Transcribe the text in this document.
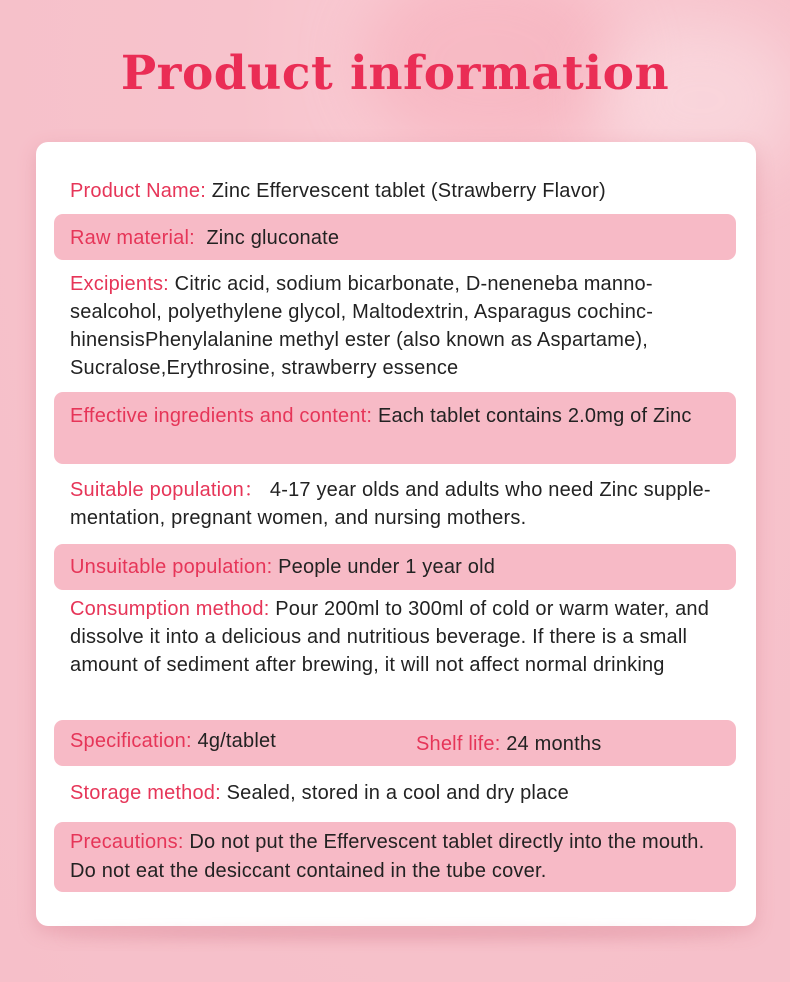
Product information
Product Name: Zinc Effervescent tablet (Strawberry Flavor)
Raw material:  Zinc gluconate
Excipients: Citric acid, sodium bicarbonate, D-neneneba manno-sealcohol, polyethylene glycol, Maltodextrin, Asparagus cochinc-hinensisPhenylalanine methyl ester (also known as Aspartame), Sucralose,Erythrosine, strawberry essence
Effective ingredients and content: Each tablet contains 2.0mg of Zinc
Suitable population： 4-17 year olds and adults who need Zinc supple-mentation, pregnant women, and nursing mothers.
Unsuitable population: People under 1 year old
Consumption method: Pour 200ml to 300ml of cold or warm water, and dissolve it into a delicious and nutritious beverage. If there is a small amount of sediment after brewing, it will not affect normal drinking
Specification: 4g/tablet	Shelf life: 24 months
Storage method: Sealed, stored in a cool and dry place
Precautions: Do not put the Effervescent tablet directly into the mouth. Do not eat the desiccant contained in the tube cover.
